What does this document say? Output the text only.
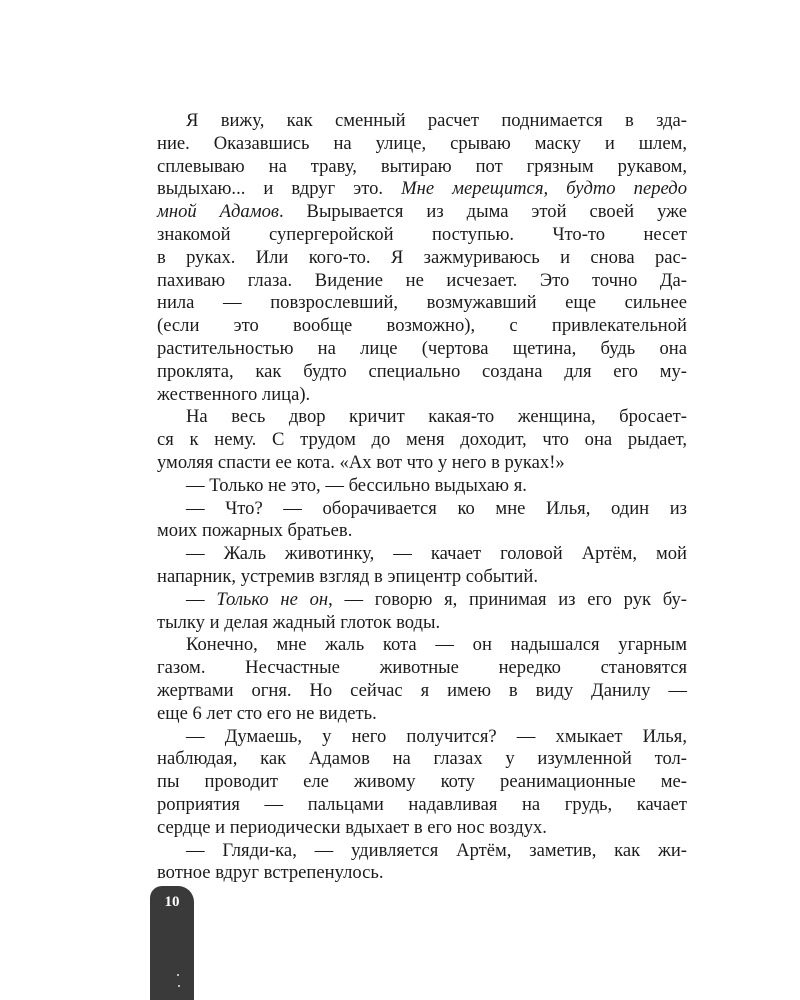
Я вижу, как сменный расчет поднимается в зда-
ние. Оказавшись на улице, срываю маску и шлем,
сплевываю на траву, вытираю пот грязным рукавом,
выдыхаю... и вдруг это. Мне мерещится, будто передо
мной Адамов. Вырывается из дыма этой своей уже
знакомой супергеройской поступью. Что-то несет
в руках. Или кого-то. Я зажмуриваюсь и снова рас-
пахиваю глаза. Видение не исчезает. Это точно Да-
нила — повзрослевший, возмужавший еще сильнее
(если это вообще возможно), с привлекательной
растительностью на лице (чертова щетина, будь она
проклята, как будто специально создана для его му-
жественного лица).
На весь двор кричит какая-то женщина, бросает-
ся к нему. С трудом до меня доходит, что она рыдает,
умоляя спасти ее кота. «Ах вот что у него в руках!»
— Только не это, — бессильно выдыхаю я.
— Что? — оборачивается ко мне Илья, один из
моих пожарных братьев.
— Жаль животинку, — качает головой Артём, мой
напарник, устремив взгляд в эпицентр событий.
— Только не он, — говорю я, принимая из его рук бу-
тылку и делая жадный глоток воды.
Конечно, мне жаль кота — он надышался угарным
газом. Несчастные животные нередко становятся
жертвами огня. Но сейчас я имею в виду Данилу —
еще 6 лет сто его не видеть.
— Думаешь, у него получится? — хмыкает Илья,
наблюдая, как Адамов на глазах у изумленной тол-
пы проводит еле живому коту реанимационные ме-
роприятия — пальцами надавливая на грудь, качает
сердце и периодически вдыхает в его нос воздух.
— Гляди-ка, — удивляется Артём, заметив, как жи-
вотное вдруг встрепенулось.
10
